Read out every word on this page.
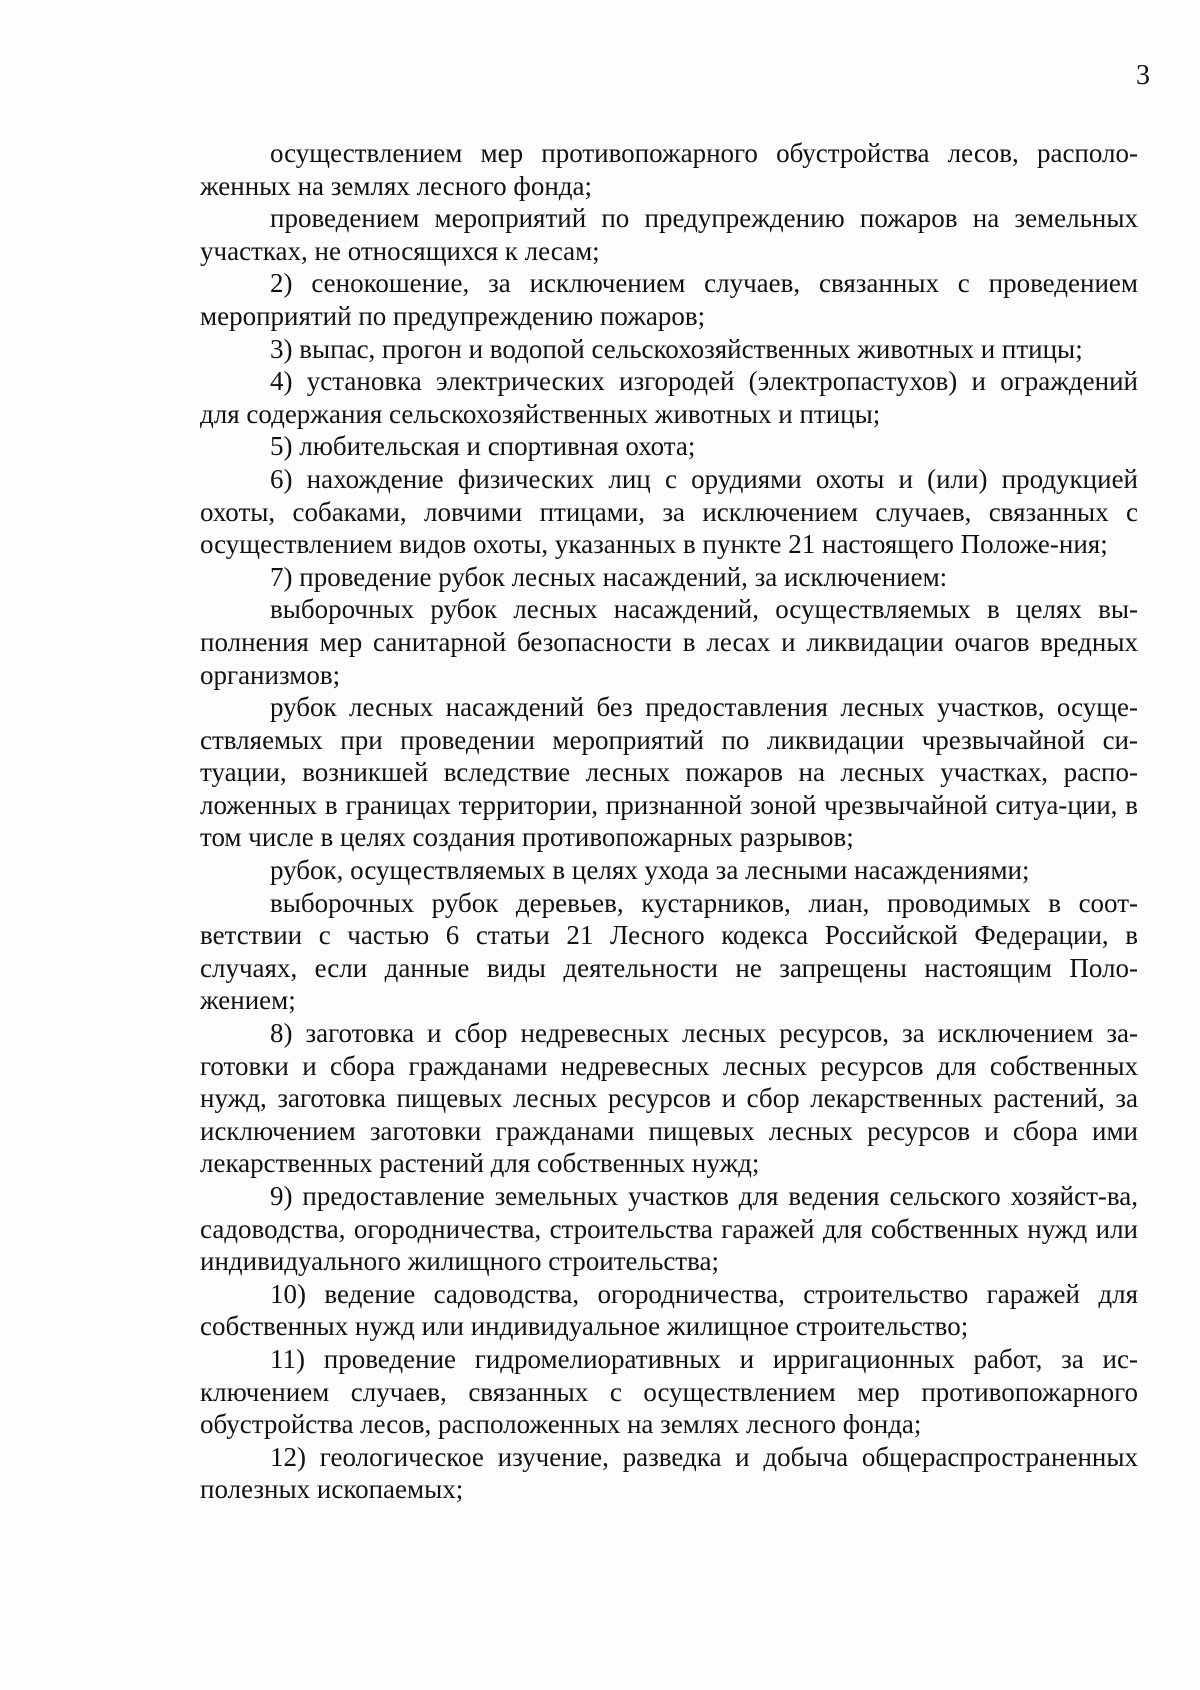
3

осуществлением мер противопожарного обустройства лесов, располо-женных на землях лесного фонда;

проведением мероприятий по предупреждению пожаров на земельных участках, не относящихся к лесам;

2) сенокошение, за исключением случаев, связанных с проведением мероприятий по предупреждению пожаров;

3) выпас, прогон и водопой сельскохозяйственных животных и птицы;

4) установка электрических изгородей (электропастухов) и ограждений для содержания сельскохозяйственных животных и птицы;

5) любительская и спортивная охота;

6) нахождение физических лиц с орудиями охоты и (или) продукцией охоты, собаками, ловчими птицами, за исключением случаев, связанных с осуществлением видов охоты, указанных в пункте 21 настоящего Положе-ния;

7) проведение рубок лесных насаждений, за исключением:

выборочных рубок лесных насаждений, осуществляемых в целях вы-полнения мер санитарной безопасности в лесах и ликвидации очагов вредных организмов;

рубок лесных насаждений без предоставления лесных участков, осуще-ствляемых при проведении мероприятий по ликвидации чрезвычайной си-туации, возникшей вследствие лесных пожаров на лесных участках, распо-ложенных в границах территории, признанной зоной чрезвычайной ситуа-ции, в том числе в целях создания противопожарных разрывов;

рубок, осуществляемых в целях ухода за лесными насаждениями;

выборочных рубок деревьев, кустарников, лиан, проводимых в соот-ветствии с частью 6 статьи 21 Лесного кодекса Российской Федерации, в случаях, если данные виды деятельности не запрещены настоящим Поло-жением;

8) заготовка и сбор недревесных лесных ресурсов, за исключением за-готовки и сбора гражданами недревесных лесных ресурсов для собственных нужд, заготовка пищевых лесных ресурсов и сбор лекарственных растений, за исключением заготовки гражданами пищевых лесных ресурсов и сбора ими лекарственных растений для собственных нужд;

9) предоставление земельных участков для ведения сельского хозяйст-ва, садоводства, огородничества, строительства гаражей для собственных нужд или индивидуального жилищного строительства;

10) ведение садоводства, огородничества, строительство гаражей для собственных нужд или индивидуальное жилищное строительство;

11) проведение гидромелиоративных и ирригационных работ, за ис-ключением случаев, связанных с осуществлением мер противопожарного обустройства лесов, расположенных на землях лесного фонда;

12) геологическое изучение, разведка и добыча общераспространенных полезных ископаемых;
